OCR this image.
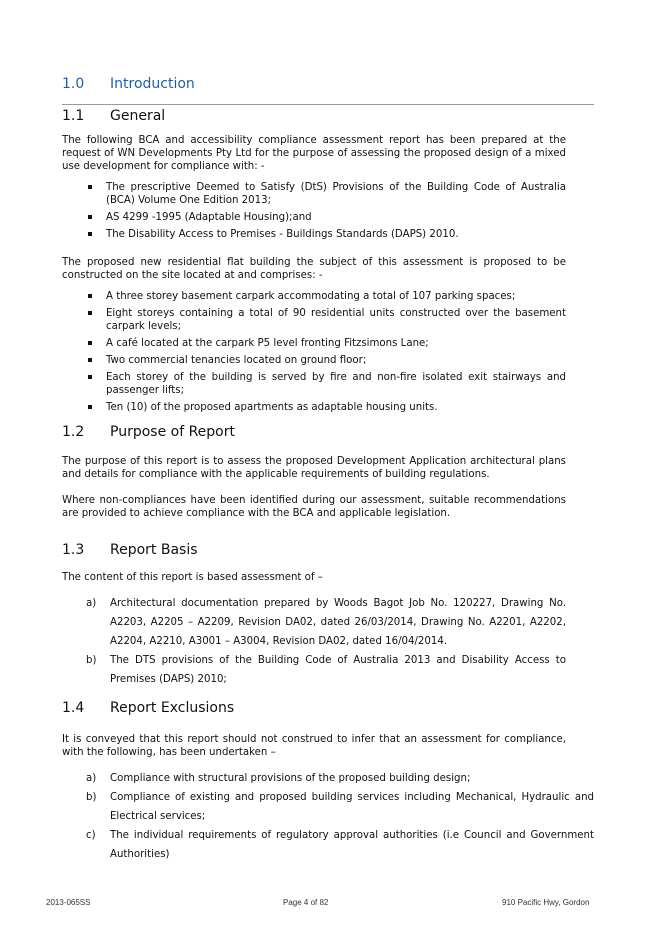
1.0 Introduction
1.1 General

The following BCA and accessibility compliance assessment report has been prepared at the request of WN Developments Pty Ltd for the purpose of assessing the proposed design of a mixed use development for compliance with: -

The prescriptive Deemed to Satisfy (DtS) Provisions of the Building Code of Australia (BCA) Volume One Edition 2013;
AS 4299 -1995 (Adaptable Housing);and
The Disability Access to Premises - Buildings Standards (DAPS) 2010.

The proposed new residential flat building the subject of this assessment is proposed to be constructed on the site located at and comprises: -

A three storey basement carpark accommodating a total of 107 parking spaces;
Eight storeys containing a total of 90 residential units constructed over the basement carpark levels;
A café located at the carpark P5 level fronting Fitzsimons Lane;
Two commercial tenancies located on ground floor;
Each storey of the building is served by fire and non-fire isolated exit stairways and passenger lifts;
Ten (10) of the proposed apartments as adaptable housing units.
1.2 Purpose of Report

The purpose of this report is to assess the proposed Development Application architectural plans and details for compliance with the applicable requirements of building regulations.

Where non-compliances have been identified during our assessment, suitable recommendations are provided to achieve compliance with the BCA and applicable legislation.

1.3 Report Basis

The content of this report is based assessment of –

a) Architectural documentation prepared by Woods Bagot Job No. 120227, Drawing No. A2203, A2205 – A2209, Revision DA02, dated 26/03/2014, Drawing No. A2201, A2202, A2204, A2210, A3001 – A3004, Revision DA02, dated 16/04/2014.
b) The DTS provisions of the Building Code of Australia 2013 and Disability Access to Premises (DAPS) 2010;
1.4 Report Exclusions

It is conveyed that this report should not construed to infer that an assessment for compliance, with the following, has been undertaken –

a) Compliance with structural provisions of the proposed building design;
b) Compliance of existing and proposed building services including Mechanical, Hydraulic and Electrical services;
c) The individual requirements of regulatory approval authorities (i.e Council and Government Authorities)
2013-065SS	Page 4 of 82	910 Pacific Hwy, Gordon
